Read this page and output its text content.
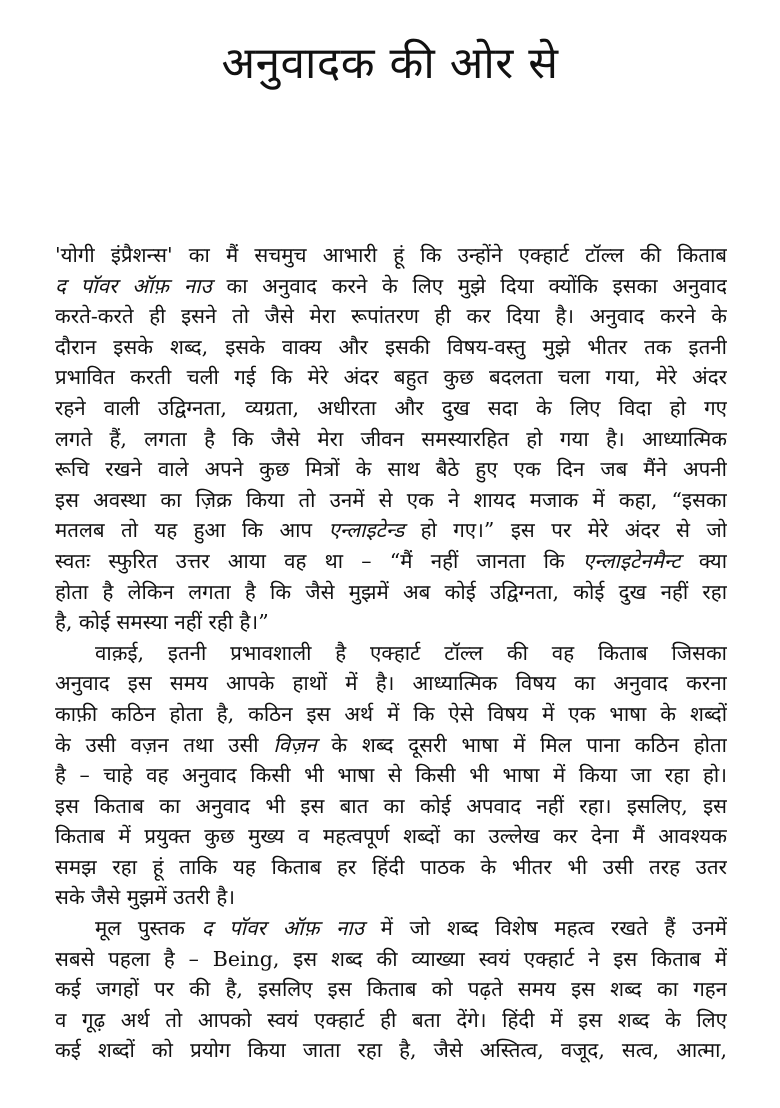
अनुवादक की ओर से
'योगी इंप्रैशन्स' का मैं सचमुच आभारी हूं कि उन्होंने एक्हार्ट टॉल्ल की किताब
द पॉवर ऑफ़ नाउ का अनुवाद करने के लिए मुझे दिया क्योंकि इसका अनुवाद
करते-करते ही इसने तो जैसे मेरा रूपांतरण ही कर दिया है। अनुवाद करने के
दौरान इसके शब्द, इसके वाक्य और इसकी विषय-वस्तु मुझे भीतर तक इतनी
प्रभावित करती चली गई कि मेरे अंदर बहुत कुछ बदलता चला गया, मेरे अंदर
रहने वाली उद्विग्नता, व्यग्रता, अधीरता और दुख सदा के लिए विदा हो गए
लगते हैं, लगता है कि जैसे मेरा जीवन समस्यारहित हो गया है। आध्यात्मिक
रूचि रखने वाले अपने कुछ मित्रों के साथ बैठे हुए एक दिन जब मैंने अपनी
इस अवस्था का ज़िक्र किया तो उनमें से एक ने शायद मजाक में कहा, “इसका
मतलब तो यह हुआ कि आप एन्लाइटेन्ड हो गए।” इस पर मेरे अंदर से जो
स्वतः स्फुरित उत्तर आया वह था – “मैं नहीं जानता कि एन्लाइटेनमैन्ट क्या
होता है लेकिन लगता है कि जैसे मुझमें अब कोई उद्विग्नता, कोई दुख नहीं रहा
है, कोई समस्या नहीं रही है।”
वाक़ई, इतनी प्रभावशाली है एक्हार्ट टॉल्ल की वह किताब जिसका
अनुवाद इस समय आपके हाथों में है। आध्यात्मिक विषय का अनुवाद करना
काफ़ी कठिन होता है, कठिन इस अर्थ में कि ऐसे विषय में एक भाषा के शब्दों
के उसी वज़न तथा उसी विज़न के शब्द दूसरी भाषा में मिल पाना कठिन होता
है – चाहे वह अनुवाद किसी भी भाषा से किसी भी भाषा में किया जा रहा हो।
इस किताब का अनुवाद भी इस बात का कोई अपवाद नहीं रहा। इसलिए, इस
किताब में प्रयुक्त कुछ मुख्य व महत्वपूर्ण शब्दों का उल्लेख कर देना मैं आवश्यक
समझ रहा हूं ताकि यह किताब हर हिंदी पाठक के भीतर भी उसी तरह उतर
सके जैसे मुझमें उतरी है।
मूल पुस्तक द पॉवर ऑफ़ नाउ में जो शब्द विशेष महत्व रखते हैं उनमें
सबसे पहला है – Being, इस शब्द की व्याख्या स्वयं एक्हार्ट ने इस किताब में
कई जगहों पर की है, इसलिए इस किताब को पढ़ते समय इस शब्द का गहन
व गूढ़ अर्थ तो आपको स्वयं एक्हार्ट ही बता देंगे। हिंदी में इस शब्द के लिए
कई शब्दों को प्रयोग किया जाता रहा है, जैसे अस्तित्व, वजूद, सत्व, आत्मा,
